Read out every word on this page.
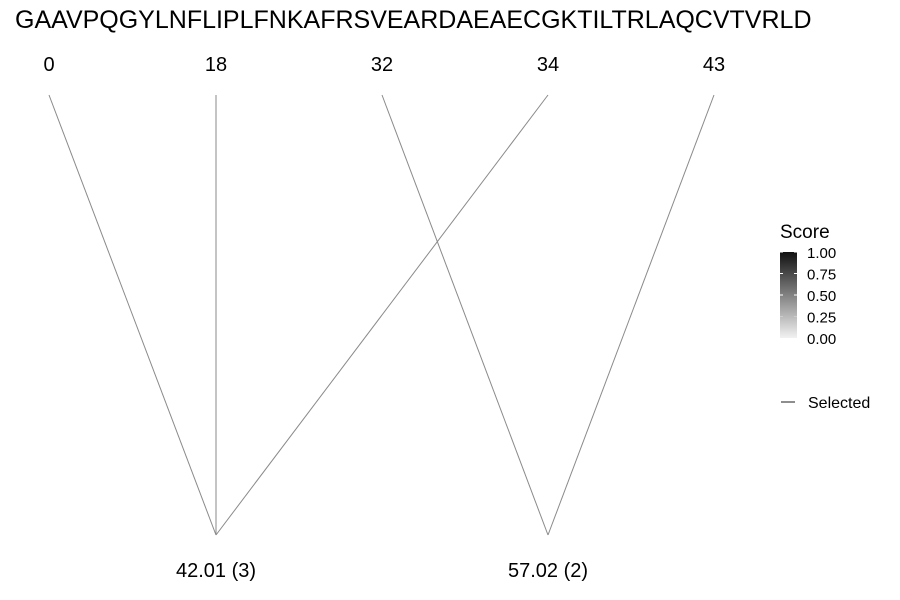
GAAVPQGYLNFLIPLFNKAFRSVEARDAEAECGKTILTRLAQCVTVRLD
0	18	32	34	43
42.01 (3)	57.02 (2)
Score
1.00
0.75
0.50
0.25
0.00
Selected
